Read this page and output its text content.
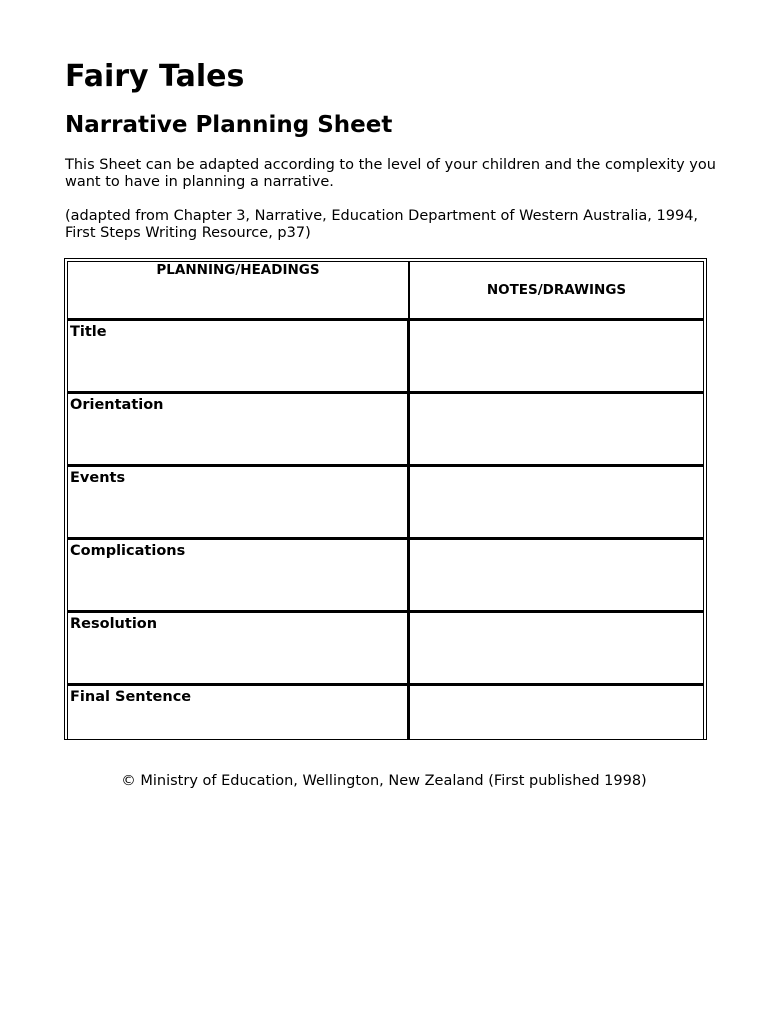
Fairy Tales
Narrative Planning Sheet

This Sheet can be adapted according to the level of your children and the complexity you want to have in planning a narrative.

(adapted from Chapter 3, Narrative, Education Department of Western Australia, 1994, First Steps Writing Resource, p37)

PLANNING/HEADINGS	NOTES/DRAWINGS
Title	
Orientation	
Events	
Complications	
Resolution	
Final Sentence	

© Ministry of Education, Wellington, New Zealand (First published 1998)
